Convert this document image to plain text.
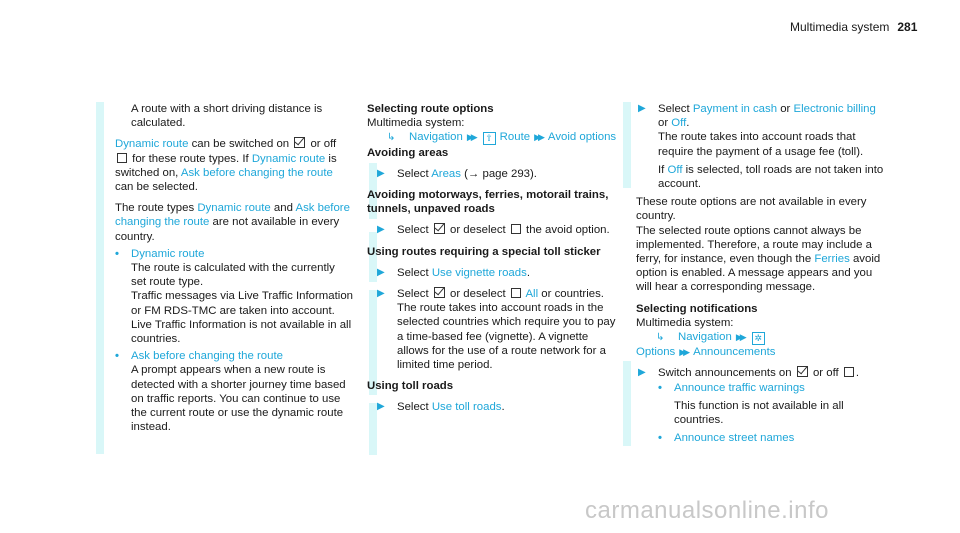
Multimedia system 281

A route with a short driving distance is calculated.

Dynamic route can be switched on  or off  for these route types. If Dynamic route is switched on, Ask before changing the route can be selected.

The route types Dynamic route and Ask before changing the route are not available in every country.

• Dynamic route

The route is calculated with the currently set route type.

Traffic messages via Live Traffic Information or FM RDS-TMC are taken into account.

Live Traffic Information is not available in all countries.

• Ask before changing the route

A prompt appears when a new route is detected with a shorter journey time based on traffic reports. You can continue to use the current route or use the dynamic route instead.

Selecting route options

Multimedia system:

↳ Navigation ▶▶ ⇧ Route ▶▶ Avoid options

Avoiding areas

▶ Select Areas (→ page 293).

Avoiding motorways, ferries, motorail trains, tunnels, unpaved roads

▶ Select  or deselect  the avoid option.

Using routes requiring a special toll sticker

▶ Select Use vignette roads.

▶ Select  or deselect  All or countries.

The route takes into account roads in the selected countries which require you to pay a time-based fee (vignette). A vignette allows for the use of a route network for a limited time period.

Using toll roads

▶ Select Use toll roads.

▶ Select Payment in cash or Electronic billing or Off.

The route takes into account roads that require the payment of a usage fee (toll).

If Off is selected, toll roads are not taken into account.

These route options are not available in every country.

The selected route options cannot always be implemented. Therefore, a route may include a ferry, for instance, even though the Ferries avoid option is enabled. A message appears and you will hear a corresponding message.

Selecting notifications

Multimedia system:

↳ Navigation ▶▶ ✲Options ▶▶ Announcements

▶ Switch announcements on  or off .

• Announce traffic warnings

This function is not available in all countries.

• Announce street names

carmanualsonline.info
